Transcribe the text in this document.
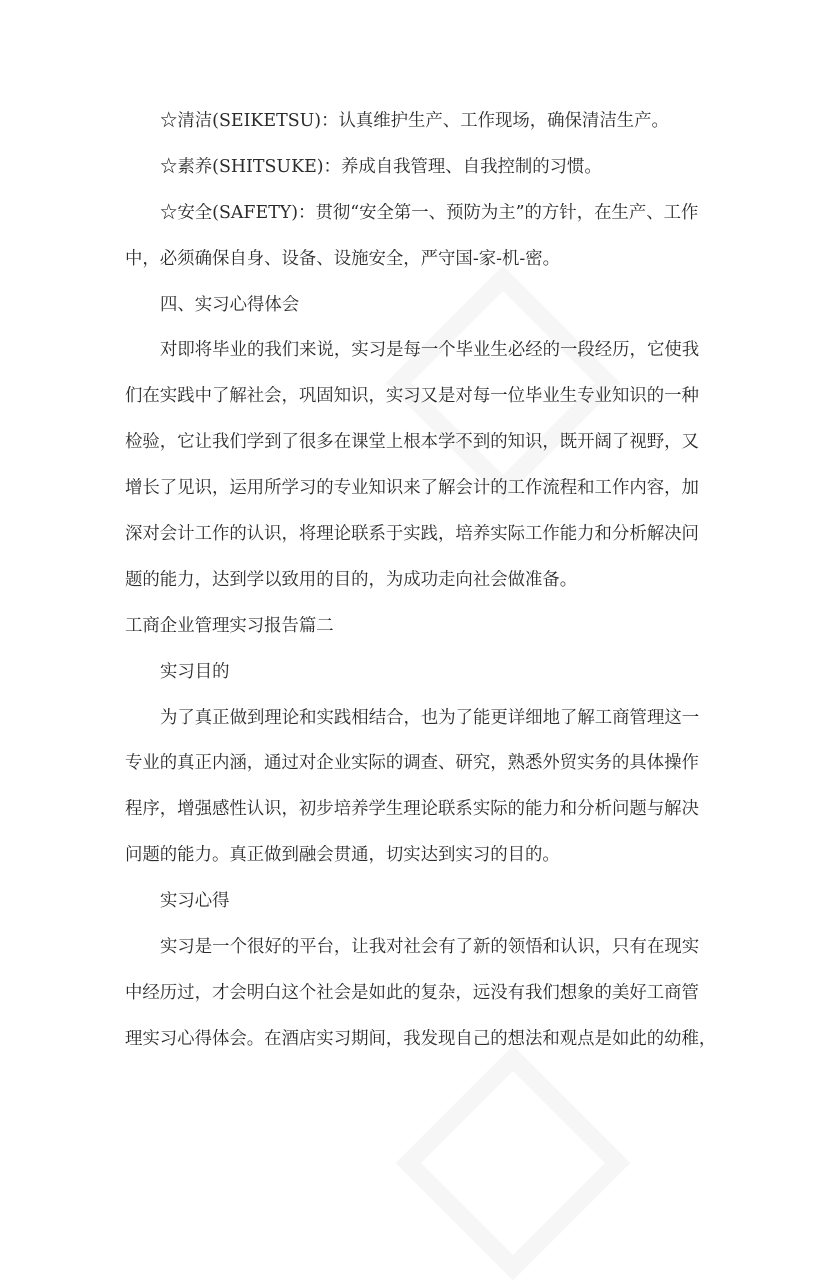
☆清洁(SEIKETSU)：认真维护生产、工作现场，确保清洁生产。
☆素养(SHITSUKE)：养成自我管理、自我控制的习惯。
☆安全(SAFETY)：贯彻“安全第一、预防为主”的方针，在生产、工作
中，必须确保自身、设备、设施安全，严守国-家-机-密。
四、实习心得体会
对即将毕业的我们来说，实习是每一个毕业生必经的一段经历，它使我
们在实践中了解社会，巩固知识，实习又是对每一位毕业生专业知识的一种
检验，它让我们学到了很多在课堂上根本学不到的知识，既开阔了视野，又
增长了见识，运用所学习的专业知识来了解会计的工作流程和工作内容，加
深对会计工作的认识，将理论联系于实践，培养实际工作能力和分析解决问
题的能力，达到学以致用的目的，为成功走向社会做准备。
工商企业管理实习报告篇二
实习目的
为了真正做到理论和实践相结合，也为了能更详细地了解工商管理这一
专业的真正内涵，通过对企业实际的调查、研究，熟悉外贸实务的具体操作
程序，增强感性认识，初步培养学生理论联系实际的能力和分析问题与解决
问题的能力。真正做到融会贯通，切实达到实习的目的。
实习心得
实习是一个很好的平台，让我对社会有了新的领悟和认识，只有在现实
中经历过，才会明白这个社会是如此的复杂，远没有我们想象的美好工商管
理实习心得体会。在酒店实习期间，我发现自己的想法和观点是如此的幼稚，
